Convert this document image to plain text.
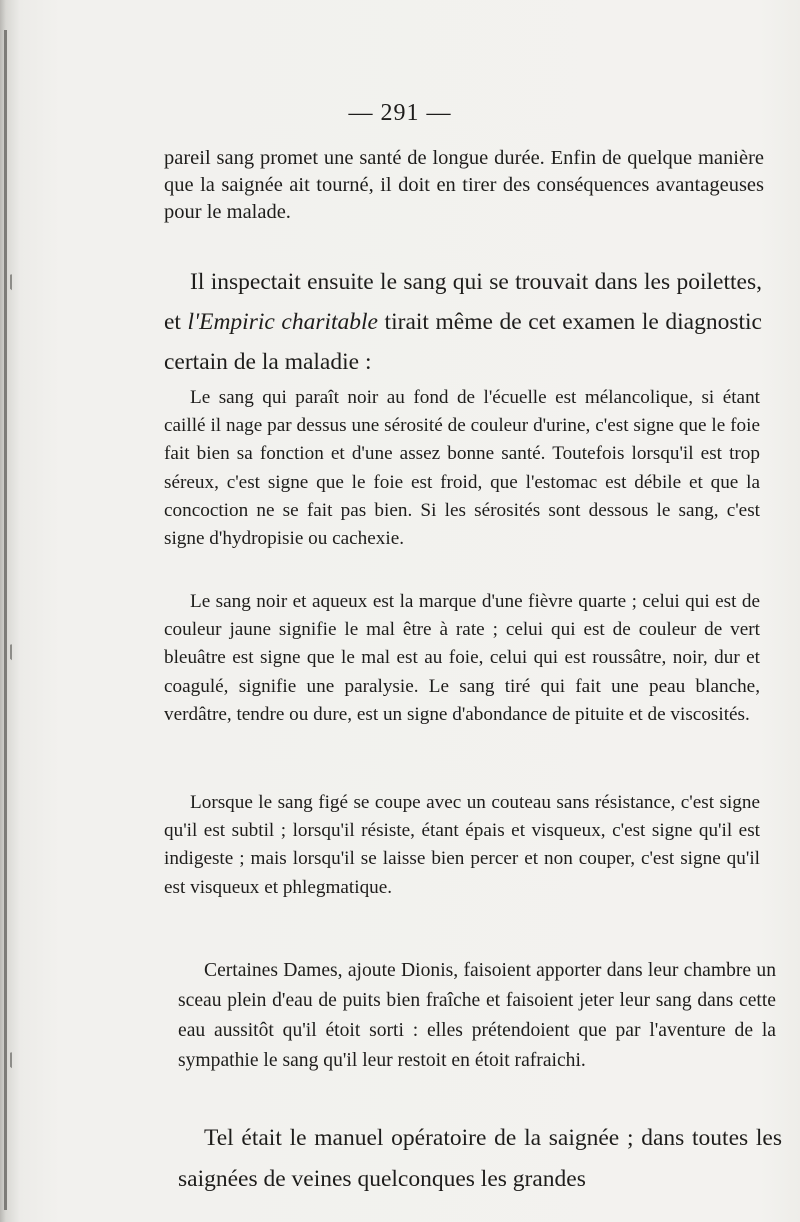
— 291 —

pareil sang promet une santé de longue durée. Enfin de quelque manière que la saignée ait tourné, il doit en tirer des conséquences avantageuses pour le malade.

Il inspectait ensuite le sang qui se trouvait dans les poilettes, et l'Empiric charitable tirait même de cet examen le diagnostic certain de la maladie :

Le sang qui paraît noir au fond de l'écuelle est mélancolique, si étant caillé il nage par dessus une sérosité de couleur d'urine, c'est signe que le foie fait bien sa fonction et d'une assez bonne santé. Toutefois lorsqu'il est trop séreux, c'est signe que le foie est froid, que l'estomac est débile et que la concoction ne se fait pas bien. Si les sérosités sont dessous le sang, c'est signe d'hydropisie ou cachexie.

Le sang noir et aqueux est la marque d'une fièvre quarte ; celui qui est de couleur jaune signifie le mal être à rate ; celui qui est de couleur de vert bleuâtre est signe que le mal est au foie, celui qui est roussâtre, noir, dur et coagulé, signifie une paralysie. Le sang tiré qui fait une peau blanche, verdâtre, tendre ou dure, est un signe d'abondance de pituite et de viscosités.

Lorsque le sang figé se coupe avec un couteau sans résistance, c'est signe qu'il est subtil ; lorsqu'il résiste, étant épais et visqueux, c'est signe qu'il est indigeste ; mais lorsqu'il se laisse bien percer et non couper, c'est signe qu'il est visqueux et phlegmatique.

Certaines Dames, ajoute Dionis, faisoient apporter dans leur chambre un sceau plein d'eau de puits bien fraîche et faisoient jeter leur sang dans cette eau aussitôt qu'il étoit sorti : elles prétendoient que par l'aventure de la sympathie le sang qu'il leur restoit en étoit rafraichi.

Tel était le manuel opératoire de la saignée ; dans toutes les saignées de veines quelconques les grandes
